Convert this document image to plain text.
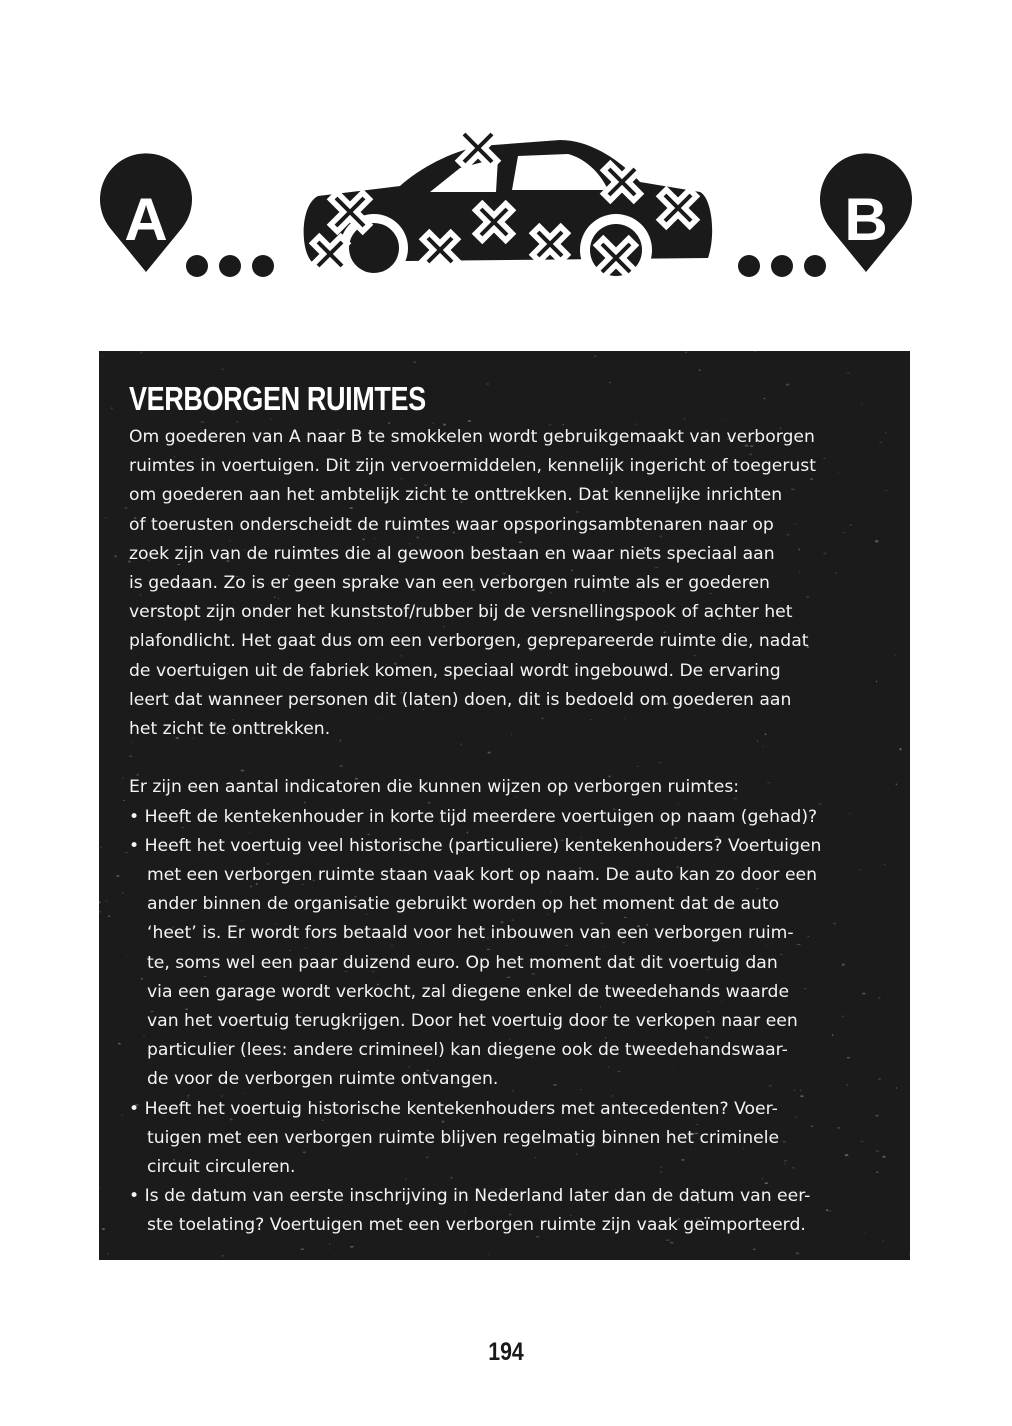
A	B
VERBORGEN RUIMTES
Om goederen van A naar B te smokkelen wordt gebruikgemaakt van verborgen
ruimtes in voertuigen. Dit zijn vervoermiddelen, kennelijk ingericht of toegerust
om goederen aan het ambtelijk zicht te onttrekken. Dat kennelijke inrichten
of toerusten onderscheidt de ruimtes waar opsporingsambtenaren naar op
zoek zijn van de ruimtes die al gewoon bestaan en waar niets speciaal aan
is gedaan. Zo is er geen sprake van een verborgen ruimte als er goederen
verstopt zijn onder het kunststof/rubber bij de versnellingspook of achter het
plafondlicht. Het gaat dus om een verborgen, geprepareerde ruimte die, nadat
de voertuigen uit de fabriek komen, speciaal wordt ingebouwd. De ervaring
leert dat wanneer personen dit (laten) doen, dit is bedoeld om goederen aan
het zicht te onttrekken.
Er zijn een aantal indicatoren die kunnen wijzen op verborgen ruimtes:
• Heeft de kentekenhouder in korte tijd meerdere voertuigen op naam (gehad)?
• Heeft het voertuig veel historische (particuliere) kentekenhouders? Voertuigen
met een verborgen ruimte staan vaak kort op naam. De auto kan zo door een
ander binnen de organisatie gebruikt worden op het moment dat de auto
‘heet’ is. Er wordt fors betaald voor het inbouwen van een verborgen ruim-
te, soms wel een paar duizend euro. Op het moment dat dit voertuig dan
via een garage wordt verkocht, zal diegene enkel de tweedehands waarde
van het voertuig terugkrijgen. Door het voertuig door te verkopen naar een
particulier (lees: andere crimineel) kan diegene ook de tweedehandswaar-
de voor de verborgen ruimte ontvangen.
• Heeft het voertuig historische kentekenhouders met antecedenten? Voer-
tuigen met een verborgen ruimte blijven regelmatig binnen het criminele
circuit circuleren.
• Is de datum van eerste inschrijving in Nederland later dan de datum van eer-
ste toelating? Voertuigen met een verborgen ruimte zijn vaak geïmporteerd.
194
